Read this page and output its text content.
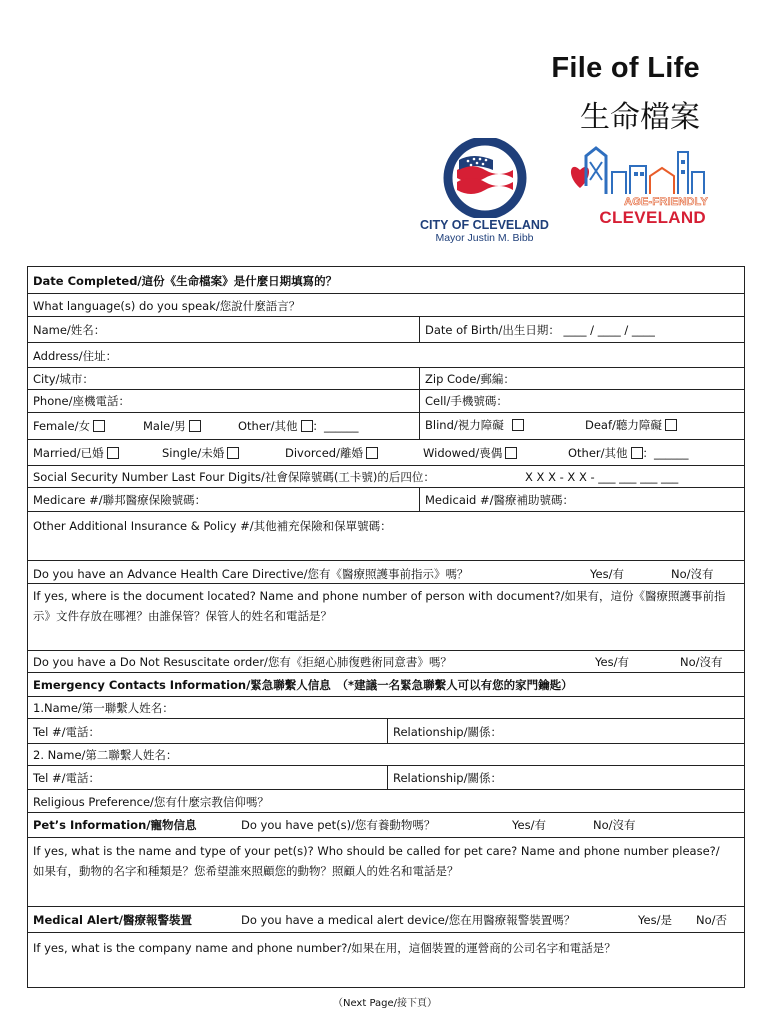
File of Life
生命檔案
CITY OF CLEVELAND
Mayor Justin M. Bibb
AGE-FRIENDLY
CLEVELAND
Date Completed/這份《生命檔案》是什麼日期填寫的？
What language(s) do you speak/您說什麼語言？
Name/姓名：	Date of Birth/出生日期： ____ / ____ / ____
Address/住址：
City/城市：	Zip Code/郵編：
Phone/座機電話：	Cell/手機號碼：
Female/女	Male/男	Other/其他 ：______	Blind/視力障礙	Deaf/聽力障礙
Married/已婚	Single/未婚	Divorced/離婚	Widowed/喪偶	Other/其他 ：______
Social Security Number Last Four Digits/社會保障號碼(工卡號)的后四位：	X X X - X X - ___ ___ ___ ___
Medicare #/聯邦醫療保險號碼：	Medicaid #/醫療補助號碼：
Other Additional Insurance & Policy #/其他補充保險和保單號碼：
Do you have an Advance Health Care Directive/您有《醫療照護事前指示》嗎？	Yes/有	No/沒有
If yes, where is the document located? Name and phone number of person with document?/如果有，這份《醫療照護事前指示》文件存放在哪裡？由誰保管？保管人的姓名和電話是？
Do you have a Do Not Resuscitate order/您有《拒絕心肺復甦術同意書》嗎？	Yes/有	No/沒有
Emergency Contacts Information/緊急聯繫人信息　（*建議一名緊急聯繫人可以有您的家門鑰匙）
1.Name/第一聯繫人姓名：
Tel #/電話：	Relationship/關係：
2. Name/第二聯繫人姓名：
Tel #/電話：	Relationship/關係：
Religious Preference/您有什麼宗教信仰嗎？
Pet’s Information/寵物信息	Do you have pet(s)/您有養動物嗎？	Yes/有	No/沒有
If yes, what is the name and type of your pet(s)? Who should be called for pet care? Name and phone number please?/ 如果有，動物的名字和種類是？您希望誰來照顧您的動物？照顧人的姓名和電話是？
Medical Alert/醫療報警裝置	Do you have a medical alert device/您在用醫療報警裝置嗎？	Yes/是 No/否
If yes, what is the company name and phone number?/如果在用，這個裝置的運營商的公司名字和電話是？
（Next Page/接下頁）
